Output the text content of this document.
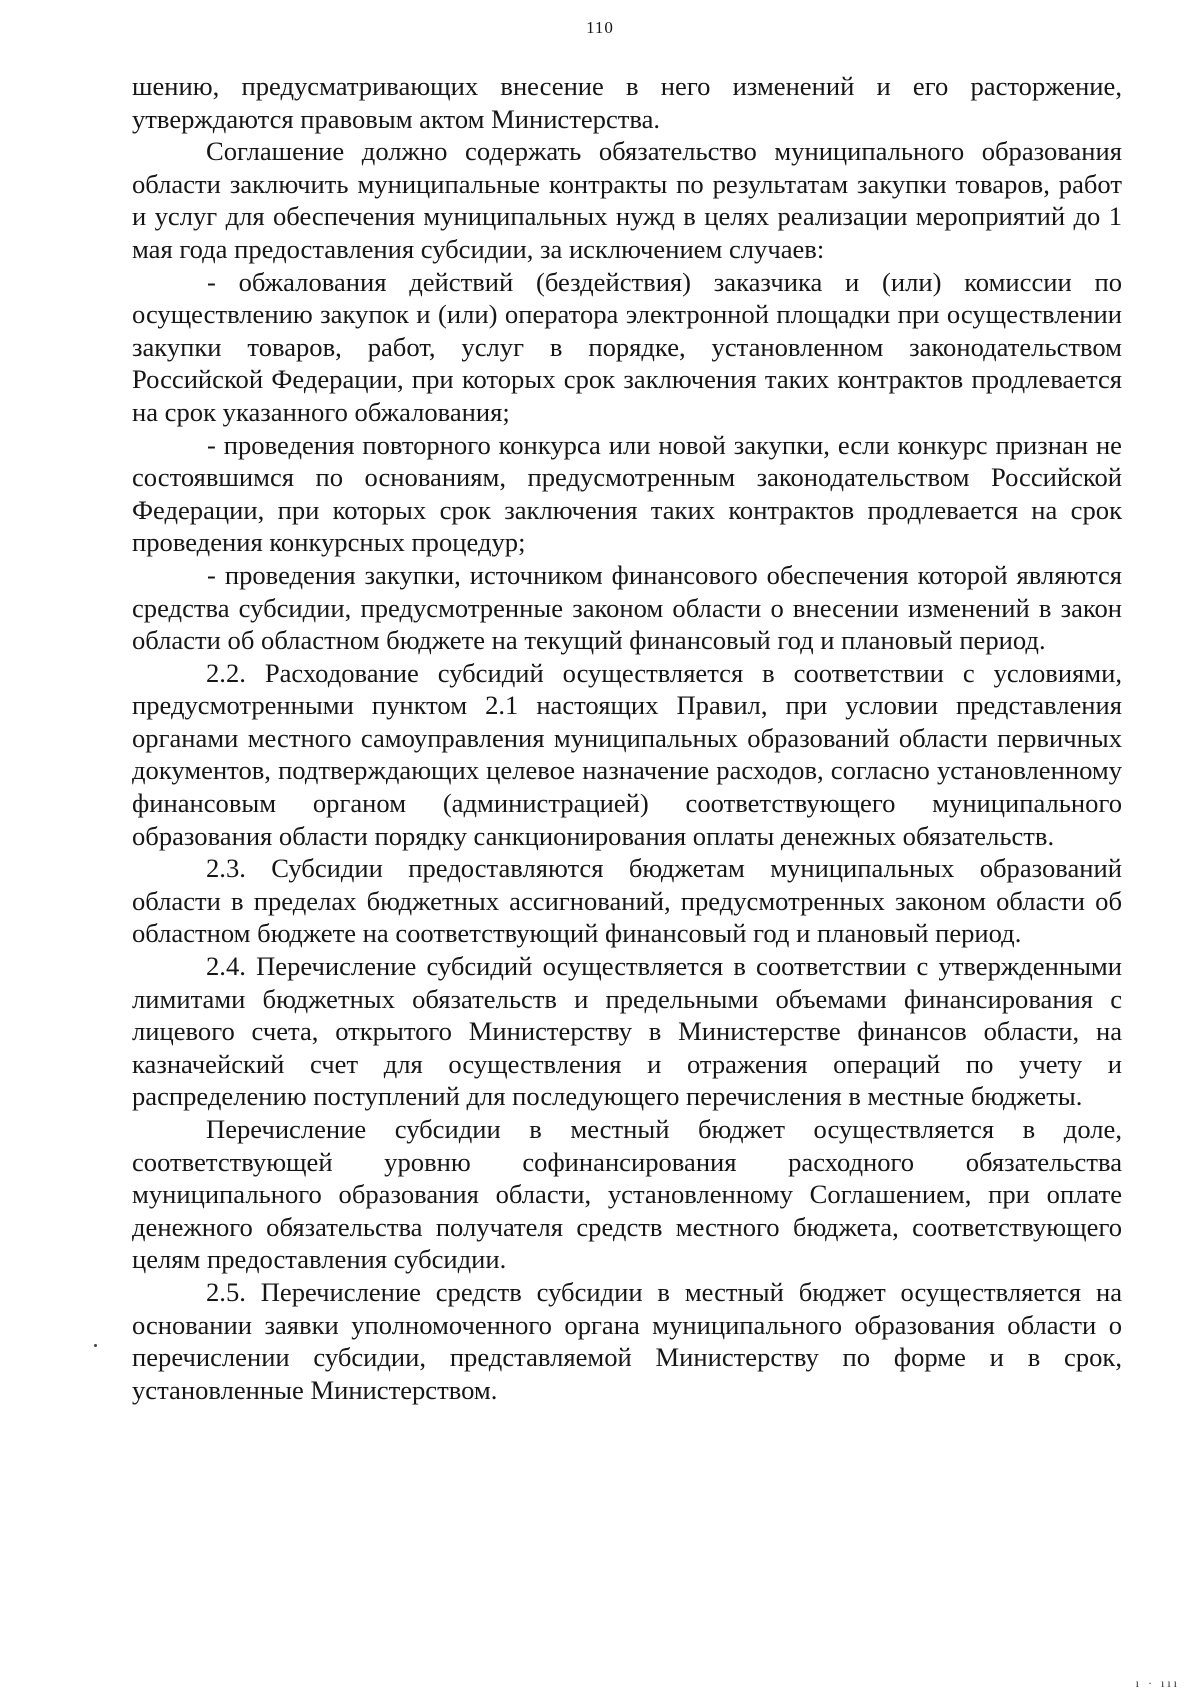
110

шению, предусматривающих внесение в него изменений и его расторжение, утверждаются правовым актом Министерства.

Соглашение должно содержать обязательство муниципального образования области заключить муниципальные контракты по результатам закупки товаров, работ и услуг для обеспечения муниципальных нужд в целях реализации мероприятий до 1 мая года предоставления субсидии, за исключением случаев:

- обжалования действий (бездействия) заказчика и (или) комиссии по осуществлению закупок и (или) оператора электронной площадки при осуществлении закупки товаров, работ, услуг в порядке, установленном законодательством Российской Федерации, при которых срок заключения таких контрактов продлевается на срок указанного обжалования;

- проведения повторного конкурса или новой закупки, если конкурс признан не состоявшимся по основаниям, предусмотренным законодательством Российской Федерации, при которых срок заключения таких контрактов продлевается на срок проведения конкурсных процедур;

- проведения закупки, источником финансового обеспечения которой являются средства субсидии, предусмотренные законом области о внесении изменений в закон области об областном бюджете на текущий финансовый год и плановый период.

2.2. Расходование субсидий осуществляется в соответствии с условиями, предусмотренными пунктом 2.1 настоящих Правил, при условии представления органами местного самоуправления муниципальных образований области первичных документов, подтверждающих целевое назначение расходов, согласно установленному финансовым органом (администрацией) соответствующего муниципального образования области порядку санкционирования оплаты денежных обязательств.

2.3. Субсидии предоставляются бюджетам муниципальных образований области в пределах бюджетных ассигнований, предусмотренных законом области об областном бюджете на соответствующий финансовый год и плановый период.

2.4. Перечисление субсидий осуществляется в соответствии с утвержденными лимитами бюджетных обязательств и предельными объемами финансирования с лицевого счета, открытого Министерству в Министерстве финансов области, на казначейский счет для осуществления и отражения операций по учету и распределению поступлений для последующего перечисления в местные бюджеты.

Перечисление субсидии в местный бюджет осуществляется в доле, соответствующей уровню софинансирования расходного обязательства муниципального образования области, установленному Соглашением, при оплате денежного обязательства получателя средств местного бюджета, соответствующего целям предоставления субсидии.

2.5. Перечисление средств субсидии в местный бюджет осуществляется на основании заявки уполномоченного органа муниципального образования области о перечислении субсидии, представляемой Министерству по форме и в срок, установленные Министерством.

ı · ııı
